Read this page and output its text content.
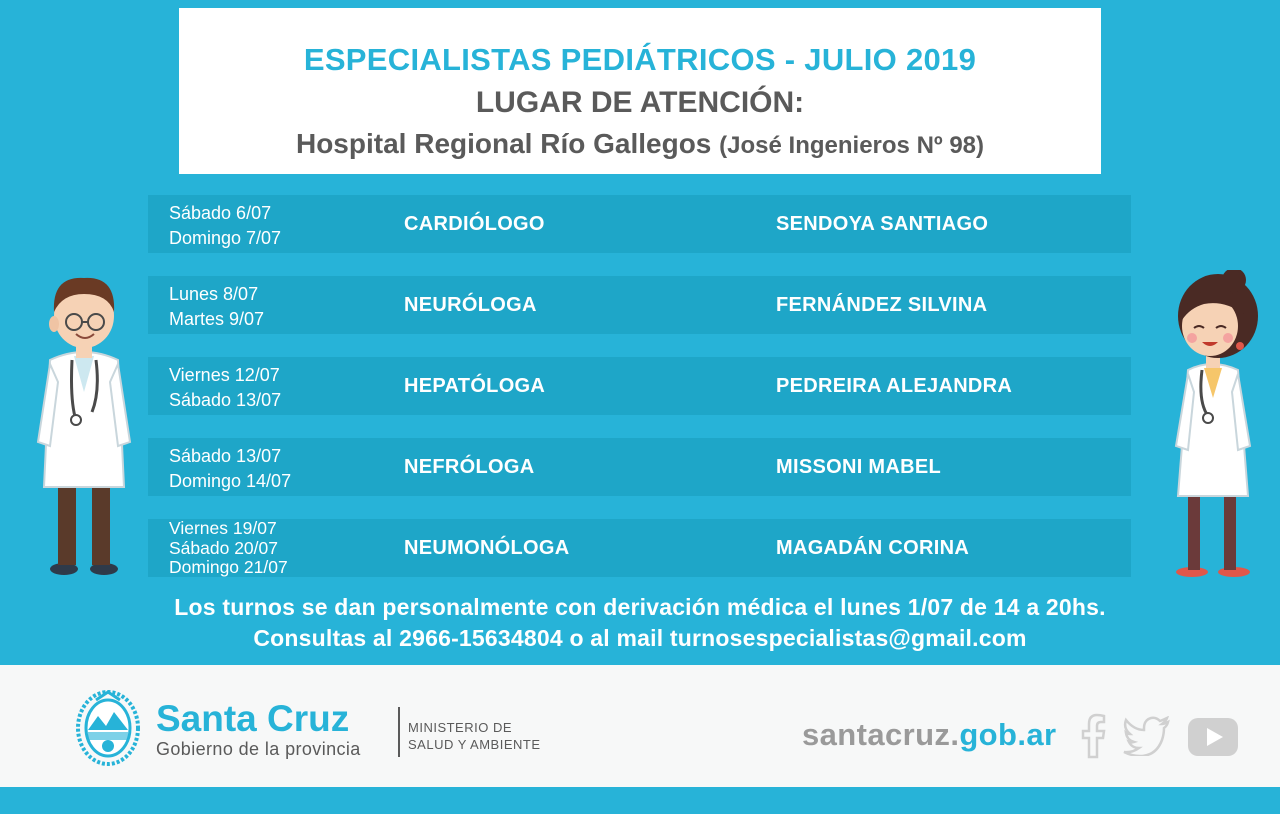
ESPECIALISTAS PEDIÁTRICOS - JULIO 2019
LUGAR DE ATENCIÓN:
Hospital Regional Río Gallegos (José Ingenieros Nº 98)
Sábado 6/07
Domingo 7/07
CARDIÓLOGO	SENDOYA SANTIAGO
Lunes 8/07
Martes 9/07
NEURÓLOGA	FERNÁNDEZ SILVINA
Viernes 12/07
Sábado 13/07
HEPATÓLOGA	PEDREIRA ALEJANDRA
Sábado 13/07
Domingo 14/07
NEFRÓLOGA	MISSONI MABEL
Viernes 19/07
Sábado 20/07
Domingo 21/07
NEUMONÓLOGA	MAGADÁN CORINA
Los turnos se dan personalmente con derivación médica el lunes 1/07 de 14 a 20hs.
Consultas al 2966-15634804 o al mail turnosespecialistas@gmail.com
Santa Cruz
Gobierno de la provincia
MINISTERIO DE
SALUD Y AMBIENTE	santacruz.gob.ar
